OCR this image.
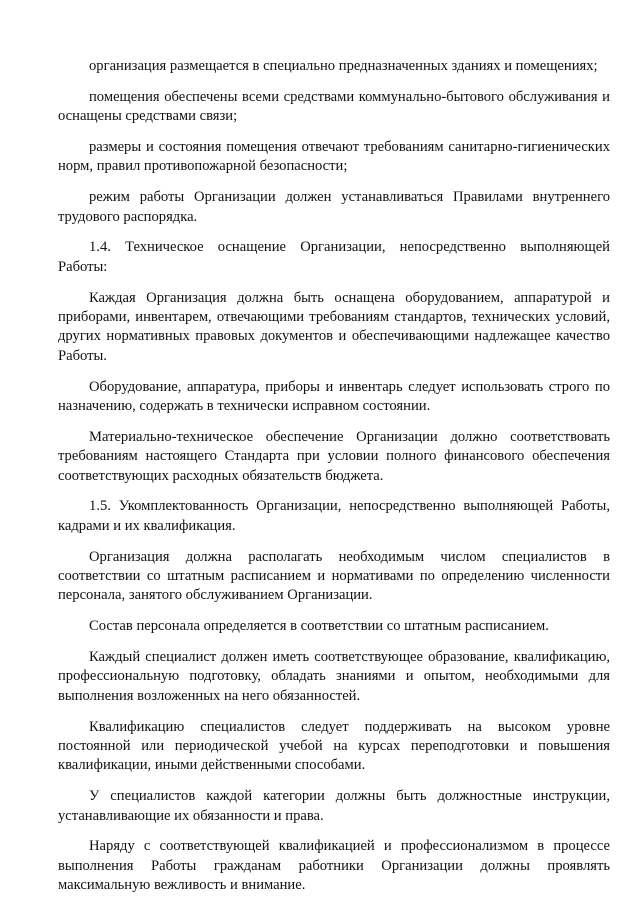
организация размещается в специально предназначенных зданиях и помещениях;

помещения обеспечены всеми средствами коммунально-бытового обслуживания и оснащены средствами связи;

размеры и состояния помещения отвечают требованиям санитарно-гигиенических норм, правил противопожарной безопасности;

режим работы Организации должен устанавливаться Правилами внутреннего трудового распорядка.

1.4. Техническое оснащение Организации, непосредственно выполняющей Работы:

Каждая Организация должна быть оснащена оборудованием, аппаратурой и приборами, инвентарем, отвечающими требованиям стандартов, технических условий, других нормативных правовых документов и обеспечивающими надлежащее качество Работы.

Оборудование, аппаратура, приборы и инвентарь следует использовать строго по назначению, содержать в технически исправном состоянии.

Материально-техническое обеспечение Организации должно соответствовать требованиям настоящего Стандарта при условии полного финансового обеспечения соответствующих расходных обязательств бюджета.

1.5. Укомплектованность Организации, непосредственно выполняющей Работы, кадрами и их квалификация.

Организация должна располагать необходимым числом специалистов в соответствии со штатным расписанием и нормативами по определению численности персонала, занятого обслуживанием Организации.

Состав персонала определяется в соответствии со штатным расписанием.

Каждый специалист должен иметь соответствующее образование, квалификацию, профессиональную подготовку, обладать знаниями и опытом, необходимыми для выполнения возложенных на него обязанностей.

Квалификацию специалистов следует поддерживать на высоком уровне постоянной или периодической учебой на курсах переподготовки и повышения квалификации, иными действенными способами.

У специалистов каждой категории должны быть должностные инструкции, устанавливающие их обязанности и права.

Наряду с соответствующей квалификацией и профессионализмом в процессе выполнения Работы гражданам работники Организации должны проявлять максимальную вежливость и внимание.
